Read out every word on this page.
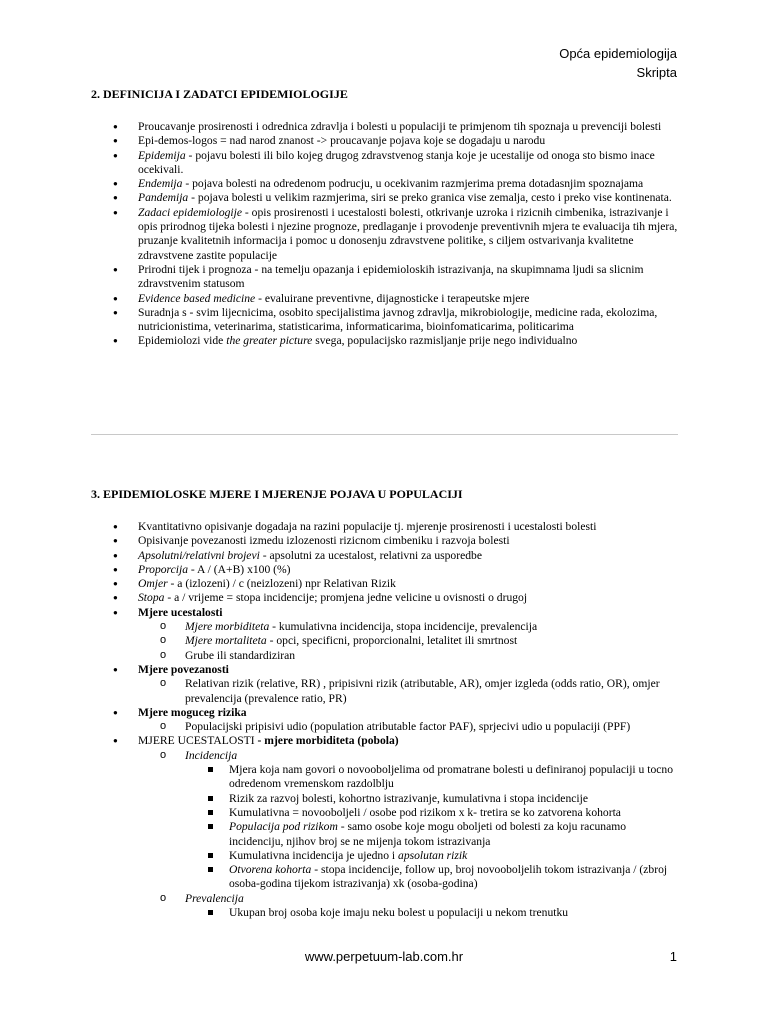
Opća epidemiologija
Skripta
2. DEFINICIJA I ZADATCI EPIDEMIOLOGIJE
● Proucavanje prosirenosti i odrednica zdravlja i bolesti u populaciji te primjenom tih spoznaja u prevenciji bolesti
● Epi-demos-logos = nad narod znanost -> proucavanje pojava koje se dogadaju u narodu
● Epidemija - pojavu bolesti ili bilo kojeg drugog zdravstvenog stanja koje je ucestalije od onoga sto bismo inace ocekivali.
● Endemija - pojava bolesti na odredenom podrucju, u ocekivanim razmjerima prema dotadasnjim spoznajama
● Pandemija - pojava bolesti u velikim razmjerima, siri se preko granica vise zemalja, cesto i preko vise kontinenata.
● Zadaci epidemiologije - opis prosirenosti i ucestalosti bolesti, otkrivanje uzroka i rizicnih cimbenika, istrazivanje i opis prirodnog tijeka bolesti i njezine prognoze, predlaganje i provodenje preventivnih mjera te evaluacija tih mjera, pruzanje kvalitetnih informacija i pomoc u donosenju zdravstvene politike, s ciljem ostvarivanja kvalitetne zdravstvene zastite populacije
● Prirodni tijek i prognoza - na temelju opazanja i epidemioloskih istrazivanja, na skupimnama ljudi sa slicnim zdravstvenim statusom
● Evidence based medicine - evaluirane preventivne, dijagnosticke i terapeutske mjere
● Suradnja s - svim lijecnicima, osobito specijalistima javnog zdravlja, mikrobiologije, medicine rada, ekolozima, nutricionistima, veterinarima, statisticarima, informaticarima, bioinfomaticarima, politicarima
● Epidemiolozi vide the greater picture svega, populacijsko razmisljanje prije nego individualno
3. EPIDEMIOLOSKE MJERE I MJERENJE POJAVA U POPULACIJI
● Kvantitativno opisivanje dogadaja na razini populacije tj. mjerenje prosirenosti i ucestalosti bolesti
● Opisivanje povezanosti izmedu izlozenosti rizicnom cimbeniku i razvoja bolesti
● Apsolutni/relativni brojevi - apsolutni za ucestalost, relativni za usporedbe
● Proporcija - A / (A+B) x100 (%)
● Omjer - a (izlozeni) / c (neizlozeni) npr Relativan Rizik
● Stopa - a / vrijeme = stopa incidencije; promjena jedne velicine u ovisnosti o drugoj
● Mjere ucestalosti
o Mjere morbiditeta - kumulativna incidencija, stopa incidencije, prevalencija
o Mjere mortaliteta - opci, specificni, proporcionalni, letalitet ili smrtnost
o Grube ili standardiziran
● Mjere povezanosti
o Relativan rizik (relative, RR) , pripisivni rizik (atributable, AR), omjer izgleda (odds ratio, OR), omjer prevalencija (prevalence ratio, PR)
● Mjere moguceg rizika
o Populacijski pripisivi udio (population atributable factor PAF), sprjecivi udio u populaciji (PPF)
● MJERE UCESTALOSTI - mjere morbiditeta (pobola)
o Incidencija
Mjera koja nam govori o novooboljelima od promatrane bolesti u definiranoj populaciji u tocno odredenom vremenskom razdolblju
Rizik za razvoj bolesti, kohortno istrazivanje, kumulativna i stopa incidencije
Kumulativna = novooboljeli / osobe pod rizikom x k- tretira se ko zatvorena kohorta
Populacija pod rizikom - samo osobe koje mogu oboljeti od bolesti za koju racunamo incidenciju, njihov broj se ne mijenja tokom istrazivanja
Kumulativna incidencija je ujedno i apsolutan rizik
Otvorena kohorta - stopa incidencije, follow up, broj novooboljelih tokom istrazivanja / (zbroj osoba-godina tijekom istrazivanja) xk (osoba-godina)
o Prevalencija
Ukupan broj osoba koje imaju neku bolest u populaciji u nekom trenutku
www.perpetuum-lab.com.hr	1
